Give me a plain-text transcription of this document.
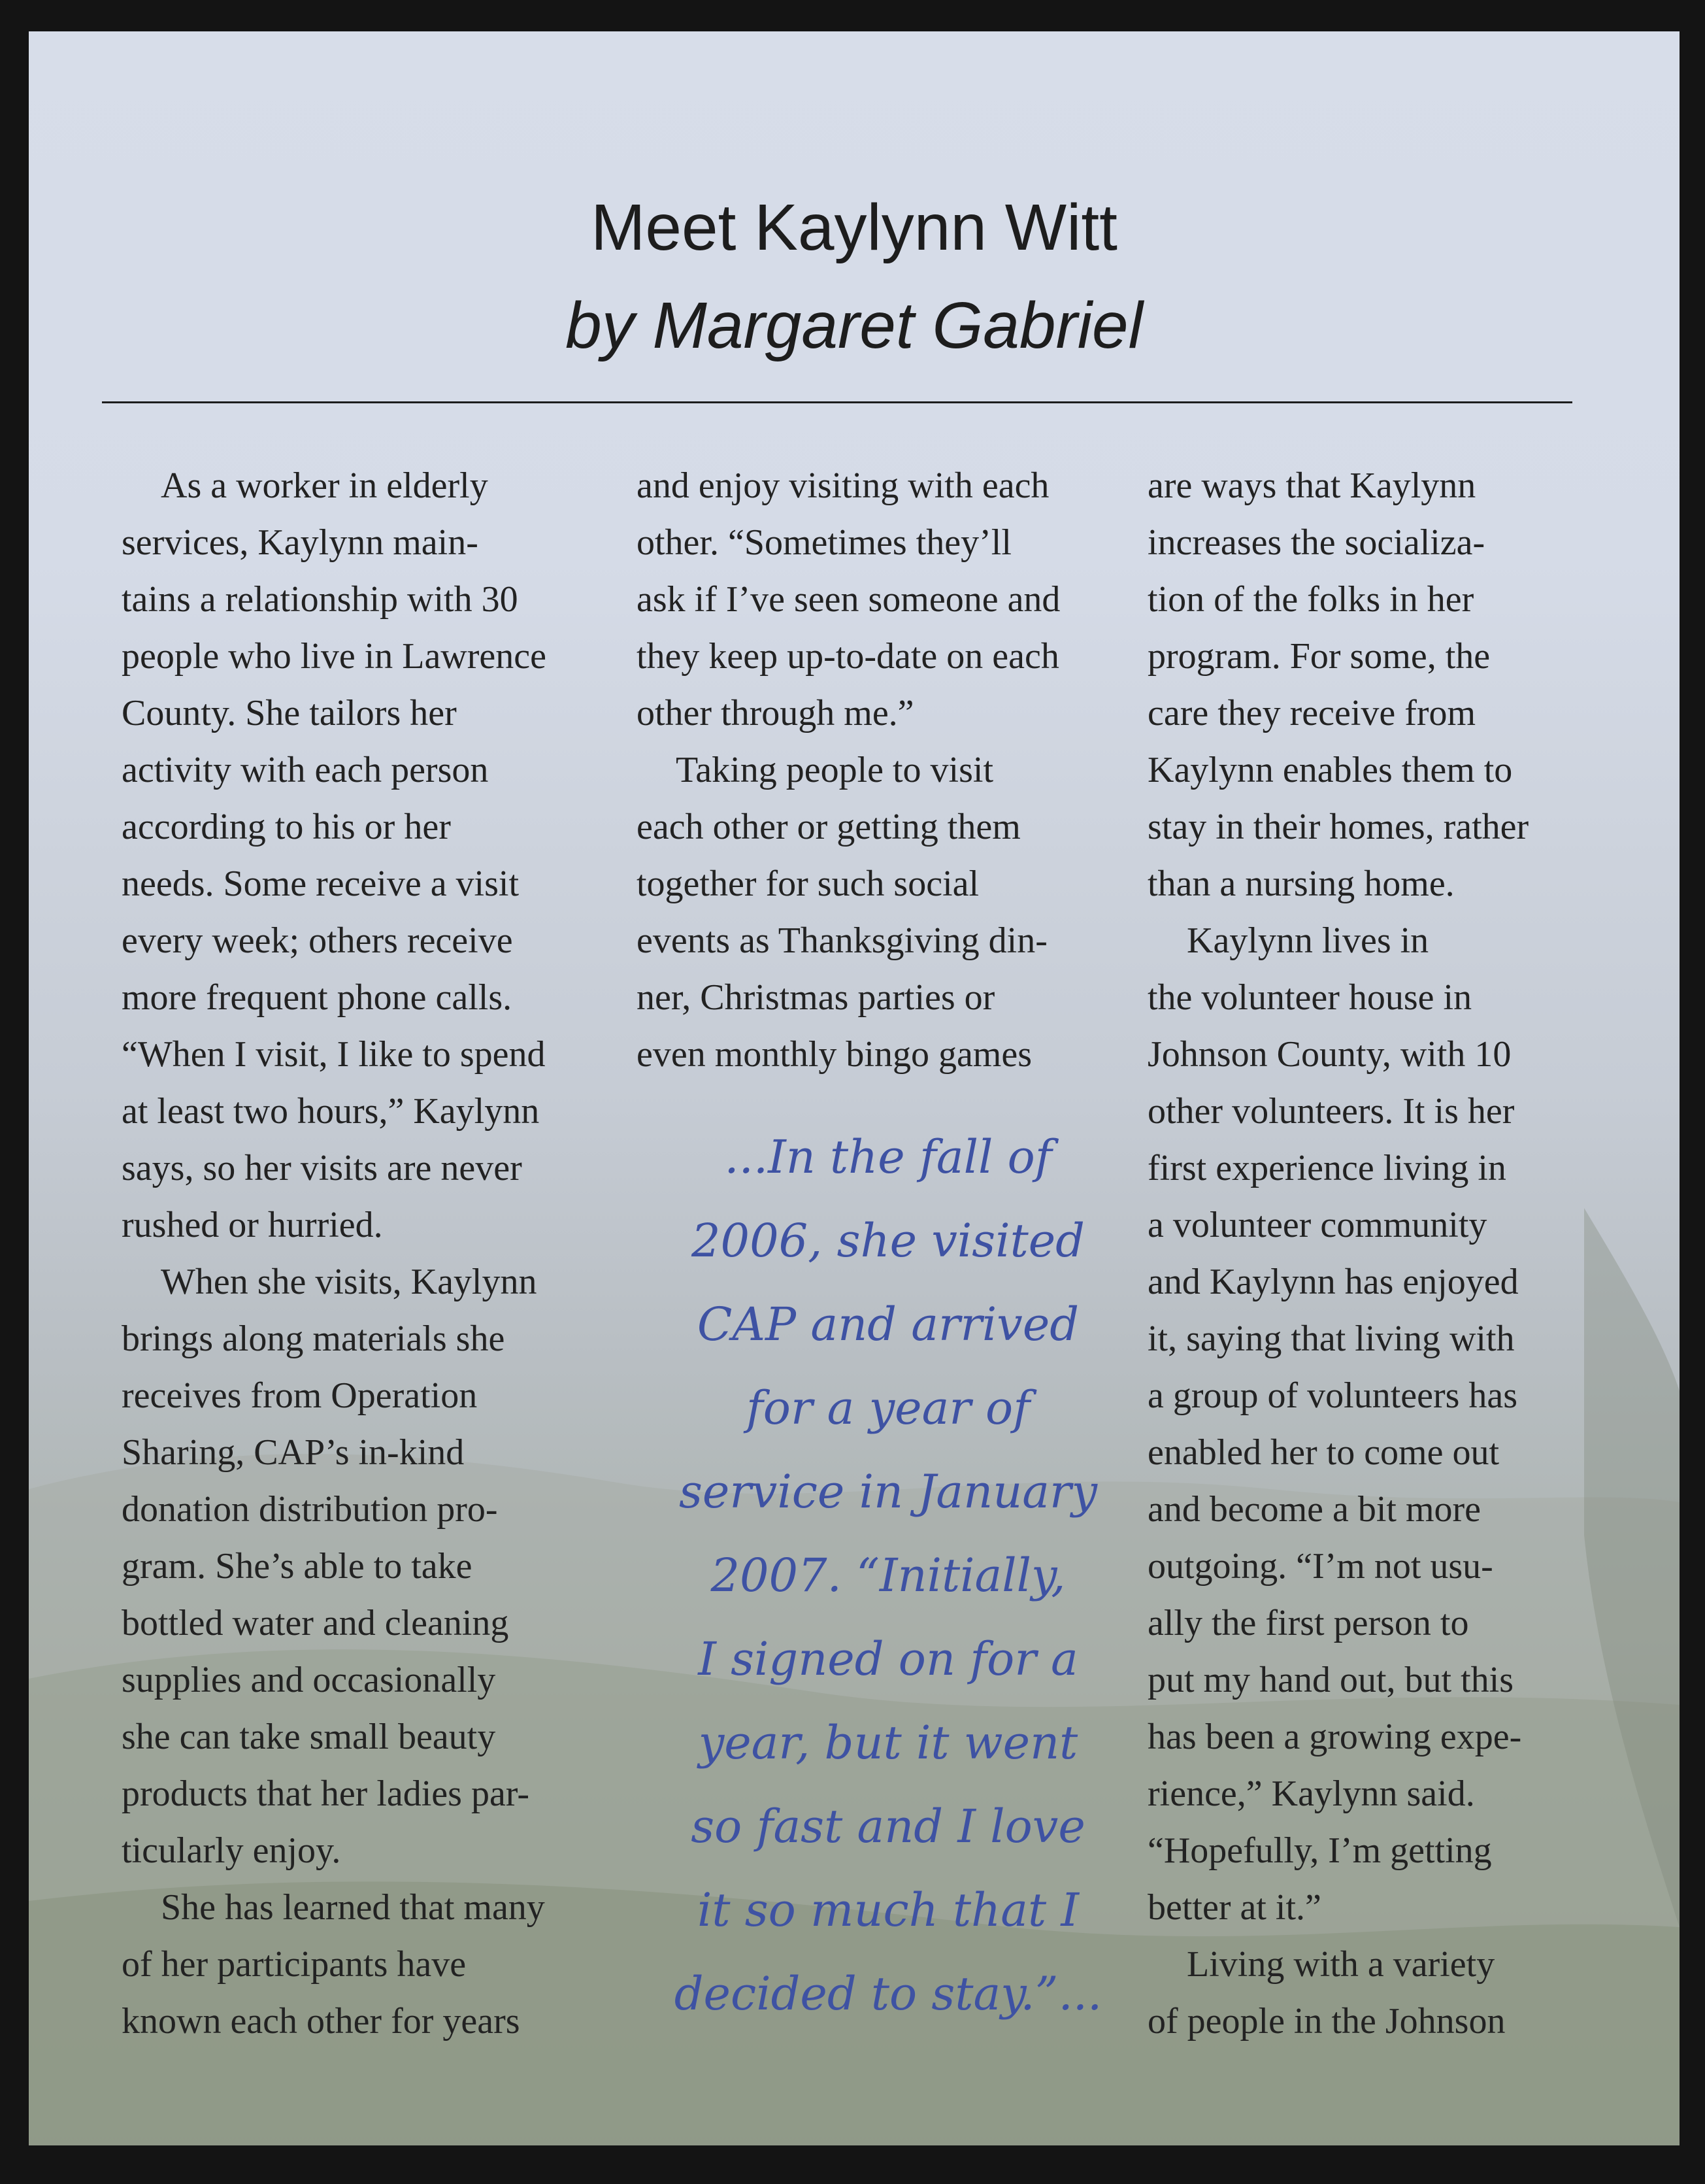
Meet Kaylynn Witt
by Margaret Gabriel

As a worker in elderly
services, Kaylynn main-
tains a relationship with 30
people who live in Lawrence
County. She tailors her
activity with each person
according to his or her
needs. Some receive a visit
every week; others receive
more frequent phone calls.
“When I visit, I like to spend
at least two hours,” Kaylynn
says, so her visits are never
rushed or hurried.

When she visits, Kaylynn
brings along materials she
receives from Operation
Sharing, CAP’s in-kind
donation distribution pro-
gram. She’s able to take
bottled water and cleaning
supplies and occasionally
she can take small beauty
products that her ladies par-
ticularly enjoy.

She has learned that many
of her participants have
known each other for years

and enjoy visiting with each
other. “Sometimes they’ll
ask if I’ve seen someone and
they keep up-to-date on each
other through me.”

Taking people to visit
each other or getting them
together for such social
events as Thanksgiving din-
ner, Christmas parties or
even monthly bingo games

...In the fall of
2006, she visited
CAP and arrived
for a year of
service in January
2007. “Initially,
I signed on for a
year, but it went
so fast and I love
it so much that I
decided to stay.”...

are ways that Kaylynn
increases the socializa-
tion of the folks in her
program. For some, the
care they receive from
Kaylynn enables them to
stay in their homes, rather
than a nursing home.

Kaylynn lives in
the volunteer house in
Johnson County, with 10
other volunteers. It is her
first experience living in
a volunteer community
and Kaylynn has enjoyed
it, saying that living with
a group of volunteers has
enabled her to come out
and become a bit more
outgoing. “I’m not usu-
ally the first person to
put my hand out, but this
has been a growing expe-
rience,” Kaylynn said.
“Hopefully, I’m getting
better at it.”

Living with a variety
of people in the Johnson
